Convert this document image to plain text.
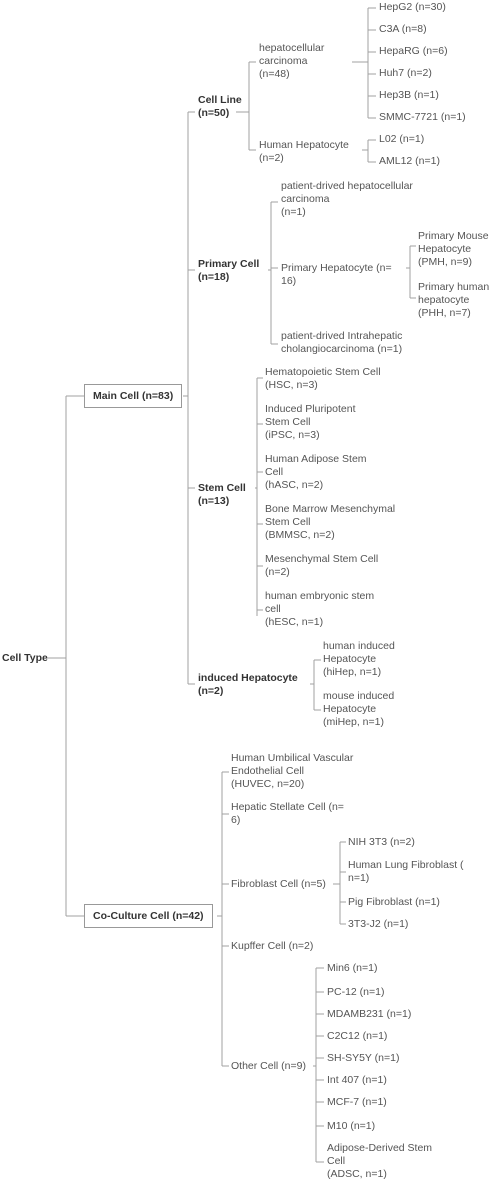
Cell Type
Main Cell (n=83)
Co-Culture Cell (n=42)
Cell Line
(n=50)
hepatocellular
carcinoma
(n=48)
HepG2 (n=30)
C3A (n=8)
HepaRG (n=6)
Huh7 (n=2)
Hep3B (n=1)
SMMC-7721 (n=1)
Human Hepatocyte
(n=2)
L02 (n=1)
AML12 (n=1)
Primary Cell
(n=18)
patient-drived hepatocellular
carcinoma
(n=1)
Primary Hepatocyte (n=
16)
Primary Mouse
Hepatocyte
(PMH, n=9)
Primary human
hepatocyte
(PHH, n=7)
patient-drived Intrahepatic
cholangiocarcinoma (n=1)
Stem Cell
(n=13)
Hematopoietic Stem Cell
(HSC, n=3)
Induced Pluripotent
Stem Cell
(iPSC, n=3)
Human Adipose Stem
Cell
(hASC, n=2)
Bone Marrow Mesenchymal
Stem Cell
(BMMSC, n=2)
Mesenchymal Stem Cell
(n=2)
human embryonic stem
cell
(hESC, n=1)
induced Hepatocyte
(n=2)
human induced
Hepatocyte
(hiHep, n=1)
mouse induced
Hepatocyte
(miHep, n=1)
Human Umbilical Vascular
Endothelial Cell
(HUVEC, n=20)
Hepatic Stellate Cell (n=
6)
Fibroblast Cell (n=5)
NIH 3T3 (n=2)
Human Lung Fibroblast (
n=1)
Pig Fibroblast (n=1)
3T3-J2 (n=1)
Kupffer Cell (n=2)
Other Cell (n=9)
Min6 (n=1)
PC-12 (n=1)
MDAMB231 (n=1)
C2C12 (n=1)
SH-SY5Y (n=1)
Int 407 (n=1)
MCF-7 (n=1)
M10 (n=1)
Adipose-Derived Stem
Cell
(ADSC, n=1)
